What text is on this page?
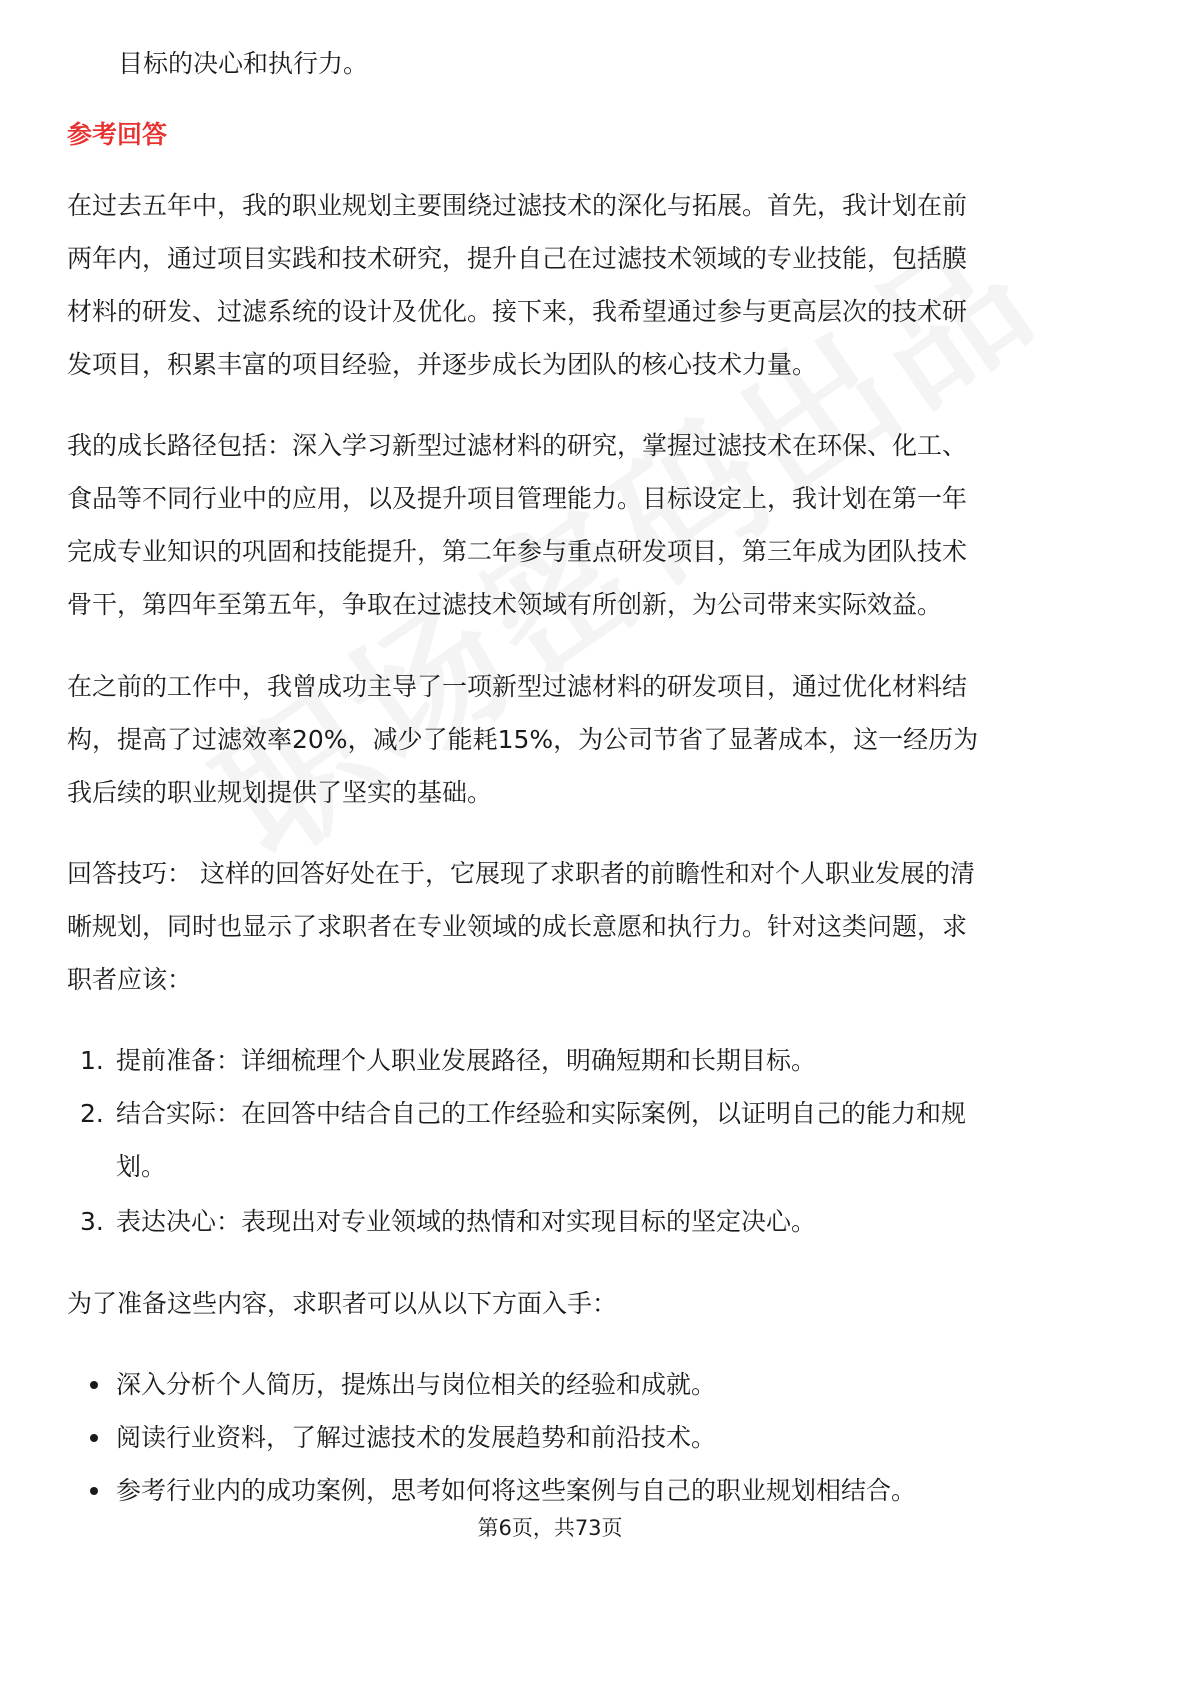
目标的决心和执行力。
参考回答
在过去五年中，我的职业规划主要围绕过滤技术的深化与拓展。首先，我计划在前
两年内，通过项目实践和技术研究，提升自己在过滤技术领域的专业技能，包括膜
材料的研发、过滤系统的设计及优化。接下来，我希望通过参与更高层次的技术研
发项目，积累丰富的项目经验，并逐步成长为团队的核心技术力量。
我的成长路径包括：深入学习新型过滤材料的研究，掌握过滤技术在环保、化工、
食品等不同行业中的应用，以及提升项目管理能力。目标设定上，我计划在第一年
完成专业知识的巩固和技能提升，第二年参与重点研发项目，第三年成为团队技术
骨干，第四年至第五年，争取在过滤技术领域有所创新，为公司带来实际效益。
在之前的工作中，我曾成功主导了一项新型过滤材料的研发项目，通过优化材料结
构，提高了过滤效率20%，减少了能耗15%，为公司节省了显著成本，这一经历为
我后续的职业规划提供了坚实的基础。
回答技巧： 这样的回答好处在于，它展现了求职者的前瞻性和对个人职业发展的清
晰规划，同时也显示了求职者在专业领域的成长意愿和执行力。针对这类问题，求
职者应该：
1. 提前准备：详细梳理个人职业发展路径，明确短期和长期目标。
2. 结合实际：在回答中结合自己的工作经验和实际案例，以证明自己的能力和规
划。
3. 表达决心：表现出对专业领域的热情和对实现目标的坚定决心。
为了准备这些内容，求职者可以从以下方面入手：
深入分析个人简历，提炼出与岗位相关的经验和成就。
阅读行业资料，了解过滤技术的发展趋势和前沿技术。
参考行业内的成功案例，思考如何将这些案例与自己的职业规划相结合。
第6页，共73页
